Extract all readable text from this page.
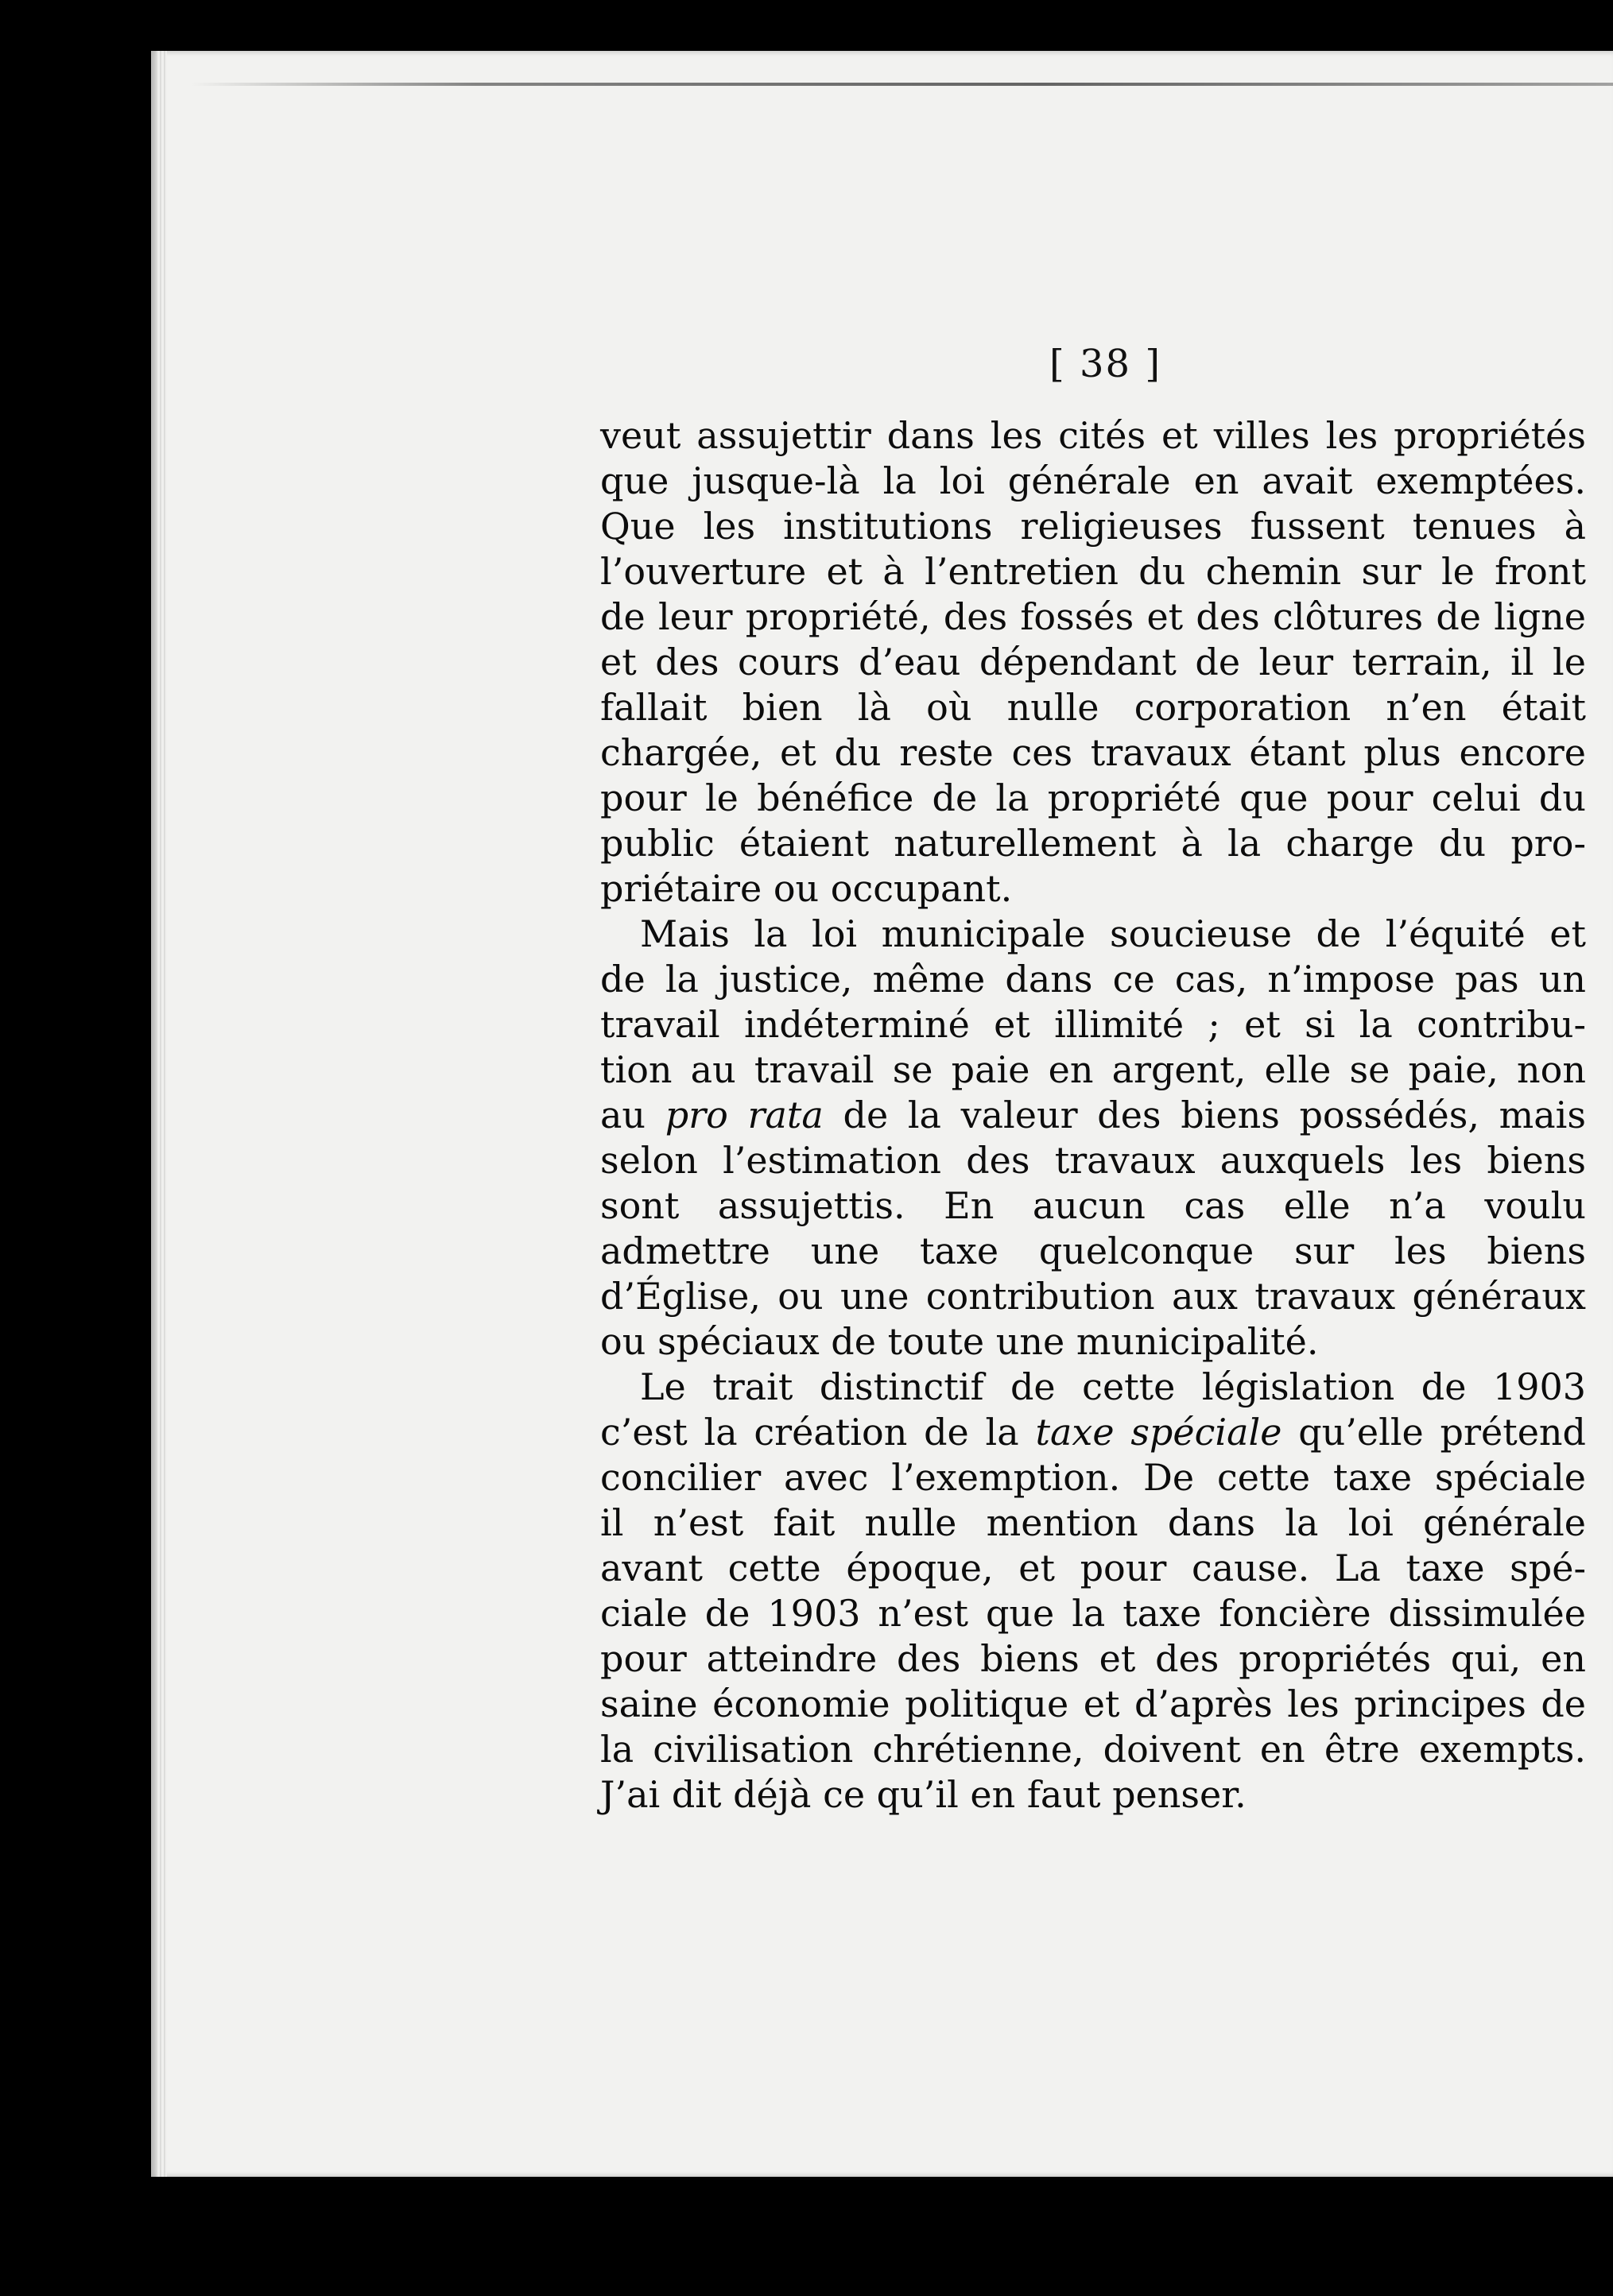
[ 38 ]
veut assujettir dans les cités et villes les propriétés
que jusque-là la loi générale en avait exemptées.
Que les institutions religieuses fussent tenues à
l’ouverture et à l’entretien du chemin sur le front
de leur propriété, des fossés et des clôtures de ligne
et des cours d’eau dépendant de leur terrain, il le
fallait bien là où nulle corporation n’en était
chargée, et du reste ces travaux étant plus encore
pour le bénéfice de la propriété que pour celui du
public étaient naturellement à la charge du pro-
priétaire ou occupant.
Mais la loi municipale soucieuse de l’équité et
de la justice, même dans ce cas, n’impose pas un
travail indéterminé et illimité ; et si la contribu-
tion au travail se paie en argent, elle se paie, non
au pro rata de la valeur des biens possédés, mais
selon l’estimation des travaux auxquels les biens
sont assujettis. En aucun cas elle n’a voulu
admettre une taxe quelconque sur les biens
d’Église, ou une contribution aux travaux généraux
ou spéciaux de toute une municipalité.
Le trait distinctif de cette législation de 1903
c’est la création de la taxe spéciale qu’elle prétend
concilier avec l’exemption. De cette taxe spéciale
il n’est fait nulle mention dans la loi générale
avant cette époque, et pour cause. La taxe spé-
ciale de 1903 n’est que la taxe foncière dissimulée
pour atteindre des biens et des propriétés qui, en
saine économie politique et d’après les principes de
la civilisation chrétienne, doivent en être exempts.
J’ai dit déjà ce qu’il en faut penser.
